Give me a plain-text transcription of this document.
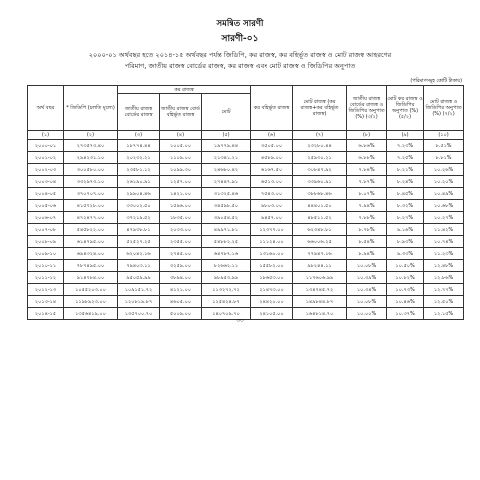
সমন্বিত সারণী
সারণী-০১
২০০০-০১ অর্থবছর হতে ২০১৪-১৫ অর্থবছর পর্যন্ত জিডিপি, কর রাজস্ব, কর বহির্ভূত রাজস্ব ও মোট রাজস্ব আহরণের
পরিমাণ, জাতীয় রাজস্ব বোর্ডের রাজস্ব, কর রাজস্ব এবং মোট রাজস্ব ও জিডিপির অনুপাত
(পরিমাণসমূহ কোটি টাকায়)
অর্থ বছর	* জিডিপি (চলতি মূল্যে)	কর রাজস্ব			কর বহির্ভূত রাজস্ব	মোট রাজস্ব (কর রাজস্ব+কর বহির্ভূত রাজস্ব)	জাতীয় রাজস্ব বোর্ডের রাজস্ব ও জিডিপির অনুপাত (%) (৩/২)	মোট কর রাজস্ব ও জিডিপির অনুপাত (%) (৫/২)	মোট রাজস্ব ও জিডিপির অনুপাত (%) (৭/২)
		জাতীয় রাজস্ব বোর্ডের রাজস্ব	জাতীয় রাজস্ব বোর্ড বহির্ভূত রাজস্ব	মোট					
(১)	(২)	(৩)	(৪)	(৫)	(৬)	(৭)	(৮)	(৯)	(১০)
২০০০-০১	২৭৩৫৭৩.৪০	১৮৭৭৪.৪৪	১০০৫.০০	১৯৭৭৯.৪৪	৩৫০৫.০০	২৩২৮০.৪৪	৬.৮৬%	৭.২৩%	৮.৫১%
২০০১-০২	২৯৪২৩১.১০	২০২৩২.২১	১১০৯.০০	২১৩৪১.২১	৪৫৮৯.০০	২৫৯৩০.২১	৬.৮৮%	৭.২৫%	৮.৮১%
২০০২-০৩	৩০০৫৮০.০০	২৩৫৮১.১২	১০৯৯.৩০	২৪৬৮০.৪২	৬১৬৭.৫০	৩০৮৪৭.৯২	৭.৮৪%	৮.২১%	১০.২৬%
২০০৩-০৪	৩৩২৯৭৩.১০	২৬১৯০.৯১	১২৫৭.০০	২৭৪৪৭.৯১	৬৫১৩.০০	৩৩৯৬০.৯১	৭.৮৭%	৮.২৪%	১০.২০%
২০০৪-০৫	৩৭০৭০৭.০০	২৯৯০৪.৪৬	১৪২১.০০	৩১৩২৫.৪৬	৭৫৪৩.০০	৩৮৮৬৮.৪৬	৮.০৭%	৮.৪৫%	১০.৪৯%
২০০৫-০৬	৪১৫৭২৮.০০	৩৩০০২.৫০	১৫৯৬.০০	৩৪৫৯৮.৫০	৯৮০৩.০০	৪৪৪০১.৫০	৭.৯৪%	৮.৩২%	১০.৬৮%
২০০৬-০৭	৪৭২৪৭৭.০০	৩৭২১৯.৫২	১৮৩৫.০০	৩৯০৫৪.৫২	৯৪৫৭.০০	৪৮৫১১.৫২	৭.৮৮%	৮.২৭%	১০.২৭%
২০০৭-০৮	৫৪৫৮২২.০০	৪৭৯৩৮.৮১	২০৩৩.০০	৪৯৯৭১.৮১	১২৩৭৭.০০	৬২৩৪৮.৮১	৮.৭৮%	৯.১৬%	১১.৪২%
২০০৮-০৯	৬১৪৭৯৫.০০	৫২৫২৭.২৫	২৩৫৫.০০	৫৪৮৮২.২৫	১১১২৪.০০	৬৬০০৬.২৫	৮.৫৪%	৮.৯৩%	১০.৭৪%
২০০৯-১০	৬৯৪৩২৪.০০	৬২০৪২.১৬	২৭৪৫.০০	৬৪৭৮৭.১৬	১৩১৬০.০০	৭৭৯৪৭.১৬	৮.৯৪%	৯.৩৩%	১১.২৩%
২০১০-১১	৭৮৭৪৯৫.০০	৭৯৪০৩.১১	৩২৫৯.০০	৮২৬৬২.১১	১৫৫৮২.০০	৯৮২৪৪.১১	১০.০৮%	১০.৫০%	১২.৪৮%
২০১১-১২	৯১৪৭৮৪.০০	৯৫০৫৯.৯৯	৩৮৯৪.০০	৯৮৯৫৩.৯৯	১৮৬৫৩.০০	১১৭৬০৬.৯৯	১০.৩৯%	১০.৮২%	১২.৮৬%
২০১২-১৩	১০৫৫২০৩.০০	১০৯১৫১.৭২	৪১২১.০০	১১৩২৭২.৭২	২১৪৭৩.০০	১৩৪৭৪৫.৭২	১০.৩৪%	১০.৭৩%	১২.৭৭%
২০১৩-১৪	১১৯৮৯২৩.০০	১২০৮১৯.৮৭	৪৬০৫.০০	১২৫৪২৪.৮৭	২৪৪২০.০০	১৪৯৮৪৪.৮৭	১০.০৮%	১০.৪৬%	১২.৫০%
২০১৪-১৫	১৩৫৬৪১৯.০০	১৩৫৭০০.৭০	৫০০৯.০০	১৪০৭০৯.৭০	২৪১০৫.০০	১৬৪৮১৪.৭০	১০.০০%	১০.৩৭%	১২.১৫%
৩৩
